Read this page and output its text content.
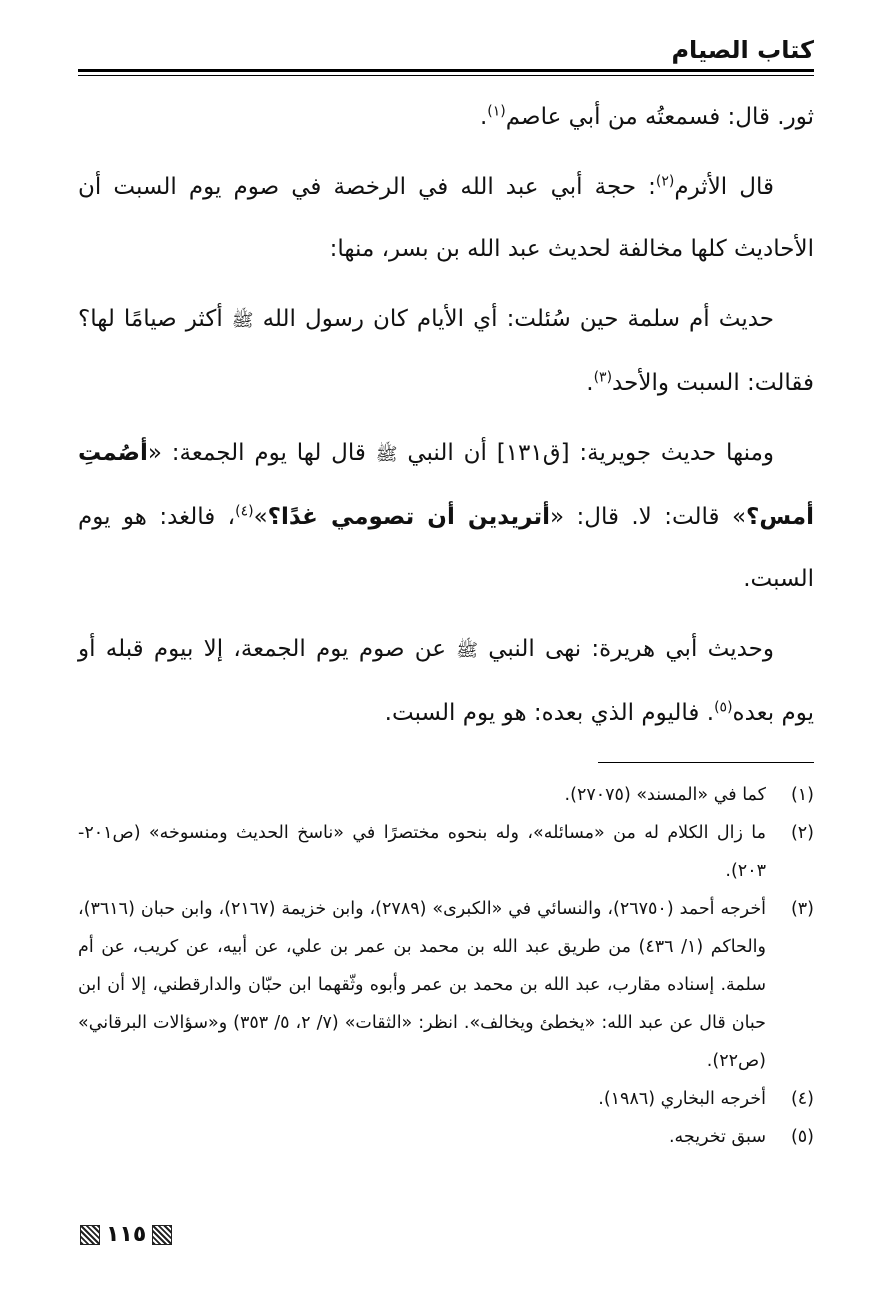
كتاب الصيام

ثور. قال: فسمعتُه من أبي عاصم$^{(١)}$.

قال الأثرم$^{(٢)}$: حجة أبي عبد الله في الرخصة في صوم يوم السبت أن الأحاديث كلها مخالفة لحديث عبد الله بن بسر، منها:

حديث أم سلمة حين سُئلت: أي الأيام كان رسول الله ﷺ أكثر صيامًا لها؟ فقالت: السبت والأحد$^{(٣)}$.

ومنها حديث جويرية: [ق١٣١] أن النبي ﷺ قال لها يوم الجمعة: «أصُمتِ أمس؟» قالت: لا. قال: «أتريدين أن تصومي غدًا؟»$^{(٤)}$، فالغد: هو يوم السبت.

وحديث أبي هريرة: نهى النبي ﷺ عن صوم يوم الجمعة، إلا بيوم قبله أو يوم بعده$^{(٥)}$. فاليوم الذي بعده: هو يوم السبت.

(١)
كما في «المسند» (٢٧٠٧٥).
(٢)
ما زال الكلام له من «مسائله»، وله بنحوه مختصرًا في «ناسخ الحديث ومنسوخه» (ص٢٠١- ٢٠٣).
(٣)
أخرجه أحمد (٢٦٧٥٠)، والنسائي في «الكبرى» (٢٧٨٩)، وابن خزيمة (٢١٦٧)، وابن حبان (٣٦١٦)، والحاكم (١/ ٤٣٦) من طريق عبد الله بن محمد بن عمر بن علي، عن أبيه، عن كريب، عن أم سلمة. إسناده مقارب، عبد الله بن محمد بن عمر وأبوه وثّقهما ابن حبّان والدارقطني، إلا أن ابن حبان قال عن عبد الله: «يخطئ ويخالف». انظر: «الثقات» (٧/ ٢، ٥/ ٣٥٣) و«سؤالات البرقاني» (ص٢٢).
(٤)
أخرجه البخاري (١٩٨٦).
(٥)
سبق تخريجه.
١١٥
